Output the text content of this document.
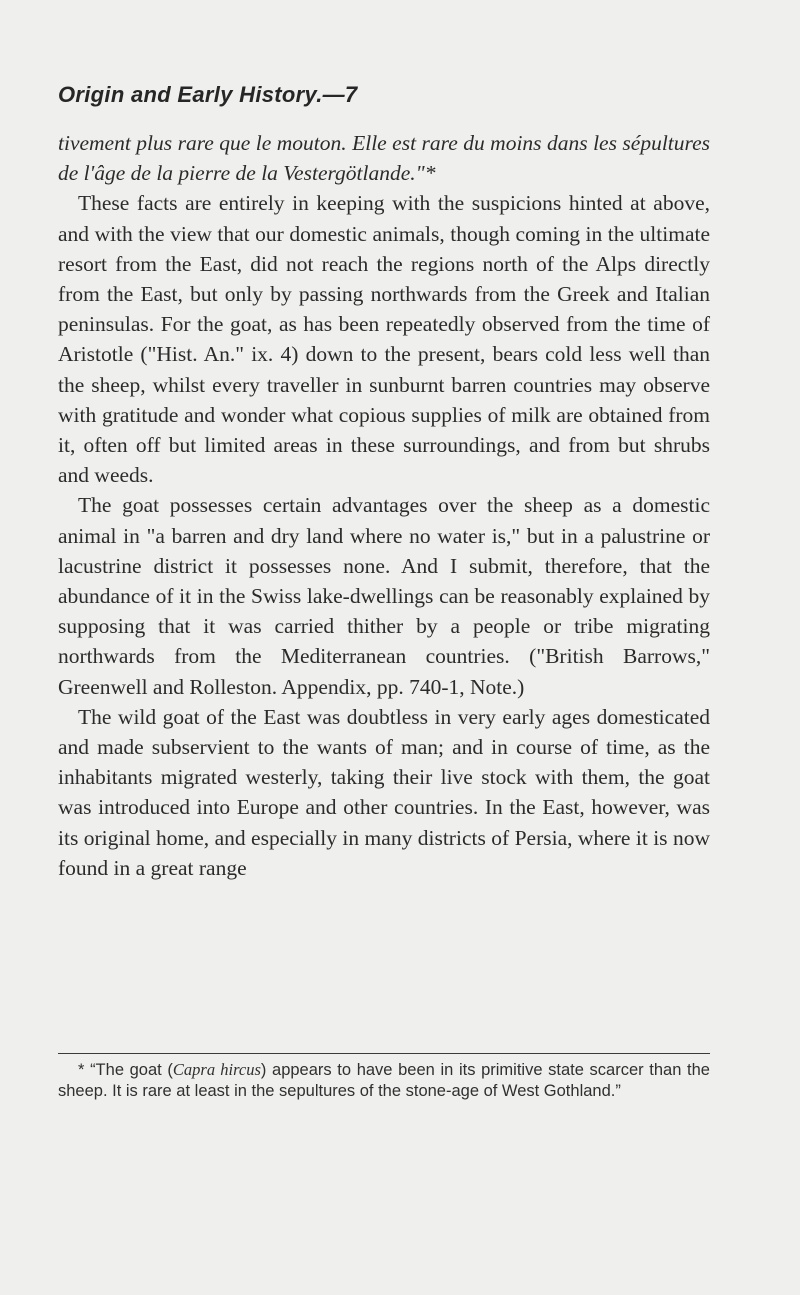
Origin and Early History.—7

tivement plus rare que le mouton. Elle est rare du moins dans les sépultures de l'âge de la pierre de la Vestergötlande."*

These facts are entirely in keeping with the suspicions hinted at above, and with the view that our domestic animals, though coming in the ultimate resort from the East, did not reach the regions north of the Alps directly from the East, but only by passing northwards from the Greek and Italian peninsulas. For the goat, as has been repeatedly observed from the time of Aristotle ("Hist. An." ix. 4) down to the present, bears cold less well than the sheep, whilst every traveller in sunburnt barren countries may observe with gratitude and wonder what copious supplies of milk are obtained from it, often off but limited areas in these surroundings, and from but shrubs and weeds.

The goat possesses certain advantages over the sheep as a domestic animal in "a barren and dry land where no water is," but in a palustrine or lacustrine district it possesses none. And I submit, therefore, that the abundance of it in the Swiss lake-dwellings can be reasonably explained by supposing that it was carried thither by a people or tribe migrating northwards from the Mediterranean countries. ("British Barrows," Greenwell and Rolleston. Appendix, pp. 740-1, Note.)

The wild goat of the East was doubtless in very early ages domesticated and made subservient to the wants of man; and in course of time, as the inhabitants migrated westerly, taking their live stock with them, the goat was introduced into Europe and other countries. In the East, however, was its original home, and especially in many districts of Persia, where it is now found in a great range

* “The goat (Capra hircus) appears to have been in its primitive state scarcer than the sheep. It is rare at least in the sepultures of the stone-age of West Gothland.”
